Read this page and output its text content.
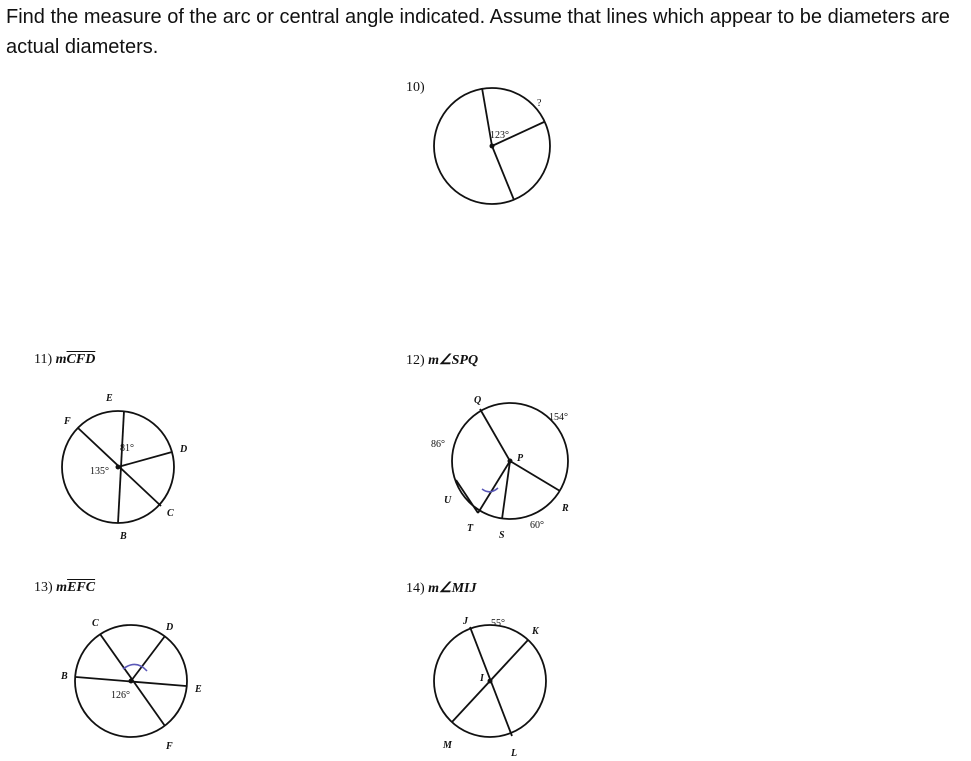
Find the measure of the arc or central angle indicated. Assume that lines which appear to be diameters are actual diameters.

10)
11) $m\overline{CFD}$	12) m∠SPQ
13) $m\overline{EFC}$	14) m∠MIJ
123°
?
E
F
D
C
B
81°
135°
Q
P
U
T
S
R
154°
86°
60°
C	D
B
E
F
126°
J
K
I
M
L
55°
